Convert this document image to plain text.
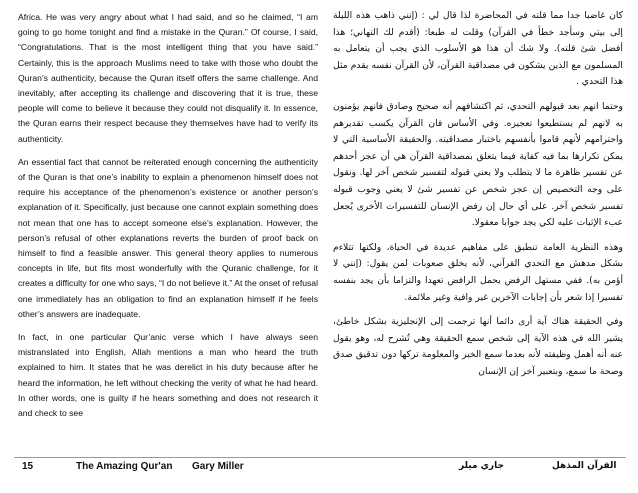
Africa. He was very angry about what I had said, and so he claimed, “I am going to go home tonight and find a mistake in the Quran.” Of course, I said, “Congratulations. That is the most intelligent thing that you have said.” Certainly, this is the approach Muslims need to take with those who doubt the Quran’s authenticity, because the Quran itself offers the same challenge. And inevitably, after accepting its challenge and discovering that it is true, these people will come to believe it because they could not disqualify it. In essence, the Quran earns their respect because they themselves have had to verify its authenticity.

An essential fact that cannot be reiterated enough concerning the authenticity of the Quran is that one’s inability to explain a phenomenon himself does not require his acceptance of the phenomenon’s existence or another person’s explanation of it. Specifically, just because one cannot explain something does not mean that one has to accept someone else’s explanation. However, the person’s refusal of other explanations reverts the burden of proof back on himself to find a feasible answer. This general theory applies to numerous concepts in life, but fits most wonderfully with the Quranic challenge, for it creates a difficulty for one who says, “I do not believe it.” At the onset of refusal one immediately has an obligation to find an explanation himself if he feels other’s answers are inadequate.

In fact, in one particular Qur’anic verse which I have always seen mistranslated into English, Allah mentions a man who heard the truth explained to him. It states that he was derelict in his duty because after he heard the information, he left without checking the verity of what he had heard. In other words, one is guilty if he hears something and does not research it and check to see

كان غاضبا جدا مما قلته في المحاضرة لذا قال لي : (إنني ذاهب هذه الليلة إلى بيتي وسأجد خطأ في القرآن) وقلت له طبعا: (أقدم لك التهاني؛ هذا أفضل شئ قلته). ولا شك أن هذا هو الأسلوب الذي يجب أن يتعامل به المسلمون مع الذين يشكون في مصداقية القرآن، لأن القرآن نفسه يقدم مثل هذا التحدي .

وحتما انهم بعد قبولهم التحدي، ثم اكتشافهم أنه صحيح وصادق فانهم يؤمنون به لانهم لم يستطيعوا تعجيزه. وفي الأساس فان القرآن يكسب تقديرهم واحترامهم لأنهم قاموا بأنفسهم باختبار مصداقيته. والحقيقة الأساسية التي لا يمكن تكرارها بما فيه كفاية فيما يتعلق بمصداقية القرآن هي أن عجز أحدهم عن تفسير ظاهرة ما لا يتطلب ولا يعني قبوله لتفسير شخص آخر لها. ونقول على وجه التخصيص إن عجز شخص عن تفسير شئ لا يعني وجوب قبوله تفسير شخص آخر. على أي حال إن رفض الإنسان للتفسيرات الأخرى يُجعل عبء الإثبات عليه لكي يجد جوابا معقولا.

وهذه النظرية العامة تنطبق على مفاهيم عديدة في الحياة، ولكنها تتلاءم بشكل مدهش مع التحدي القرآني، لأنه يخلق صعوبات لمن يقول: (إنني لا أؤمن به). ففي مستهل الرفض يحمل الرافض تعهدا والتزاما بأن يجد بنفسه تفسيرا إذا شعر بأن إجابات الآخرين غير وافية وغير ملائمة.

وفي الحقيقة هناك آية أرى دائما أنها ترجمت إلى الإنجليزية بشكل خاطئ، يشير الله في هذه الآية إلى شخص سمع الحقيقة وهي تُشرح له، وهو يقول عنه أنه أهمل وظيفته لأنه بعدما سمع الخبر والمعلومة تركها دون تدقيق صدق وصحة ما سمع، وبتعبير آخر إن الإنسان

15	The Amazing Qur'an Gary Miller	جاري ميلر	القرآن المذهل
